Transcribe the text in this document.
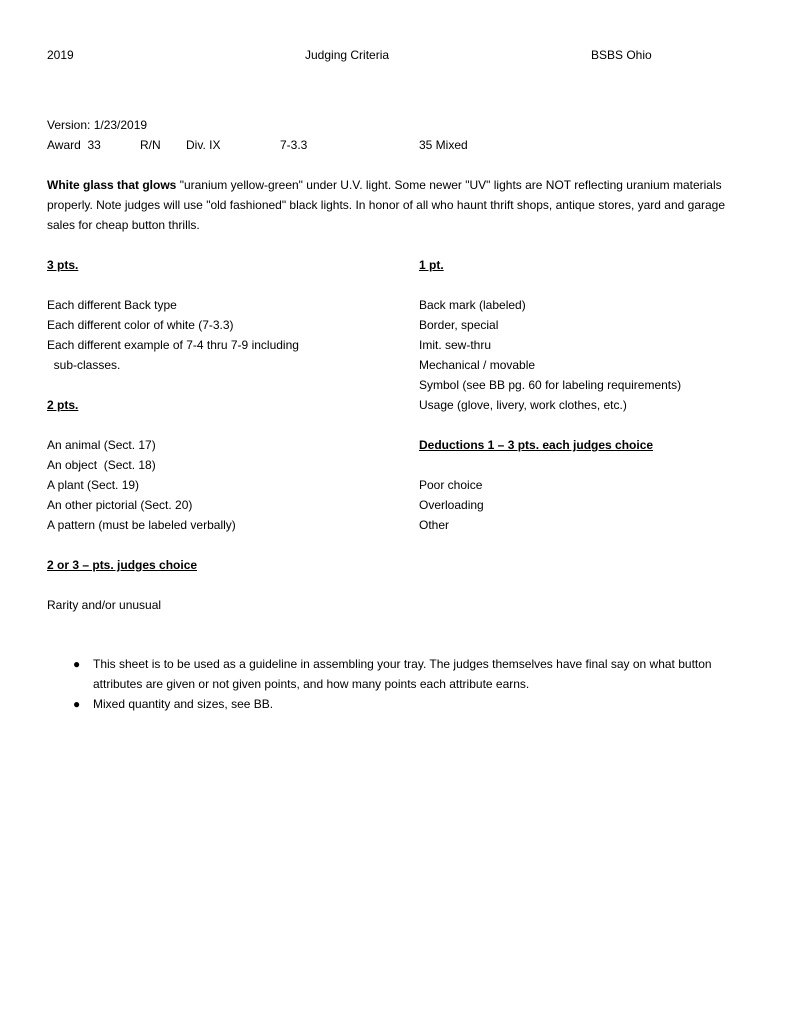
2019	Judging Criteria	BSBS Ohio
Version: 1/23/2019
Award  33	R/N Div. IX	7-3.3	35 Mixed
White glass that glows "uranium yellow-green" under U.V. light. Some newer "UV" lights are NOT reflecting uranium materials properly. Note judges will use "old fashioned" black lights. In honor of all who haunt thrift shops, antique stores, yard and garage sales for cheap button thrills.
3 pts.
Each different Back type
Each different color of white (7-3.3)
Each different example of 7-4 thru 7-9 including
sub-classes.
2 pts.
An animal (Sect. 17)
An object  (Sect. 18)
A plant (Sect. 19)
An other pictorial (Sect. 20)
A pattern (must be labeled verbally)
2 or 3 – pts. judges choice
Rarity and/or unusual
1 pt.
Back mark (labeled)
Border, special
Imit. sew-thru
Mechanical / movable
Symbol (see BB pg. 60 for labeling requirements)
Usage (glove, livery, work clothes, etc.)
Deductions 1 – 3 pts. each judges choice
Poor choice
Overloading
Other
● This sheet is to be used as a guideline in assembling your tray. The judges themselves have final say on what button attributes are given or not given points, and how many points each attribute earns.
● Mixed quantity and sizes, see BB.
